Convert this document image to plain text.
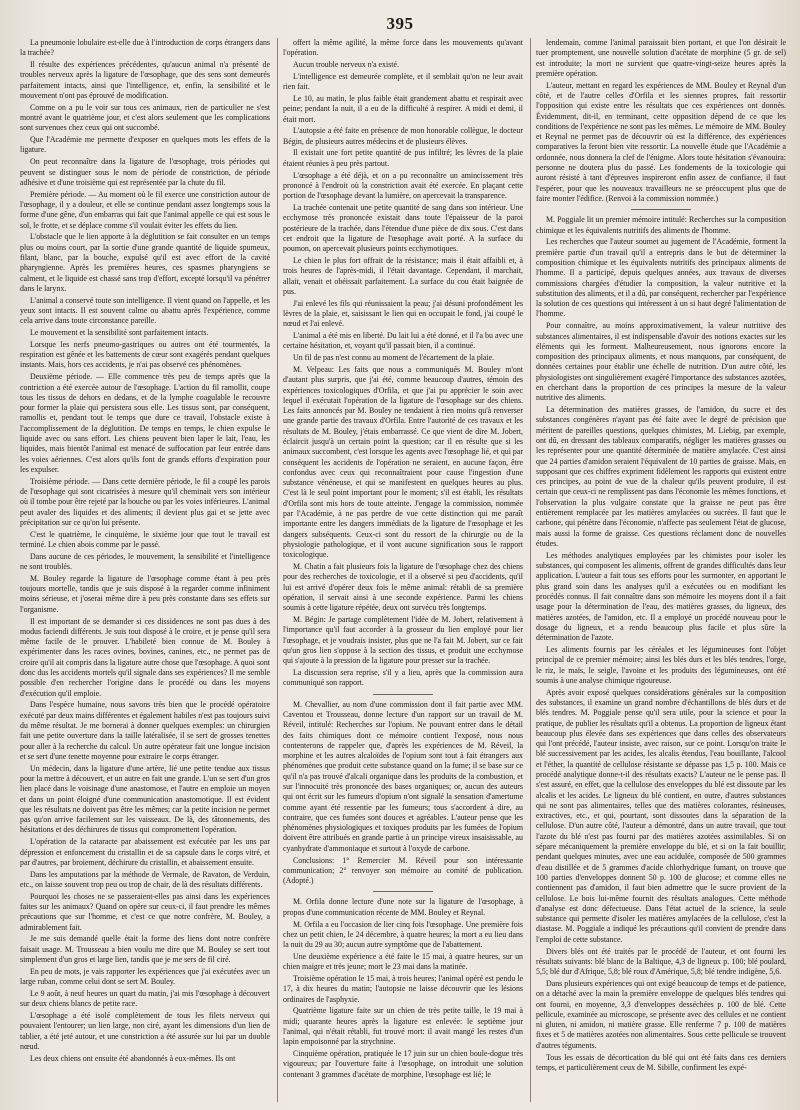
395

La pneumonie lobulaire est-elle due à l'introduction de corps étrangers dans la trachée?

Il résulte des expériences précédentes, qu'aucun animal n'a présenté de troubles nerveux après la ligature de l'œsophage, que des sens sont demeurés parfaitement intacts, ainsi que l'intelligence, et, enfin, la sensibilité et le mouvement n'ont pas éprouvé de modification.

Comme on a pu le voir sur tous ces animaux, rien de particulier ne s'est montré avant le quatrième jour, et c'est alors seulement que les complications sont survenues chez ceux qui ont succombé.

Que l'Académie me permette d'exposer en quelques mots les effets de la ligature.

On peut reconnaître dans la ligature de l'œsophage, trois périodes qui peuvent se distinguer sous le nom de période de constriction, de période adhésive et d'une troisième qui est représentée par la chute du fil.

Première période. — Au moment où le fil exerce une constriction autour de l'œsophage, il y a douleur, et elle se continue pendant assez longtemps sous la forme d'une gêne, d'un embarras qui fait que l'animal appelle ce qui est sous le sol, le frotte, et se déplace comme s'il voulait éviter les effets du lien.

L'obstacle que le lien apporte à la déglutition se fait consulter en un temps plus ou moins court, par la sortie d'une grande quantité de liquide spumeux, filant, blanc, par la bouche, expulsé qu'il est avec effort de la cavité pharyngienne. Après les premières heures, ces spasmes pharyngiens se calment, et le liquide est chassé sans trop d'effort, excepté lorsqu'il va pénétrer dans le larynx.

L'animal a conservé toute son intelligence. Il vient quand on l'appelle, et les yeux sont intacts. Il est souvent calme ou abattu après l'expérience, comme cela arrive dans toute circonstance pareille.

Le mouvement et la sensibilité sont parfaitement intacts.

Lorsque les nerfs pneumo-gastriques ou autres ont été tourmentés, la respiration est gênée et les battements de cœur sont exagérés pendant quelques instants. Mais, hors ces accidents, je n'ai pas observé ces phénomènes.

Deuxième période. — Elle commence très peu de temps après que la contriction a été exercée autour de l'œsophage. L'action du fil ramollit, coupe tous les tissus de dehors en dedans, et de la lymphe coagulable le recouvre pour former la plaie qui persistera sous elle. Les tissus sont, par conséquent, ramollis et, pendant tout le temps que dure ce travail, l'obstacle existe à l'accomplissement de la déglutition. De temps en temps, le chien expulse le liquide avec ou sans effort. Les chiens peuvent bien laper le lait, l'eau, les liquides, mais bientôt l'animal est menacé de suffocation par leur entrée dans les voies aériennes. C'est alors qu'ils font de grands efforts d'expiration pour les expulser.

Troisième période. — Dans cette dernière période, le fil a coupé les parois de l'œsophage qui sont cicatrisées à mesure qu'il cheminait vers son intérieur où il tombe pour être rejeté par la bouche ou par les voies inférieures. L'animal peut avaler des liquides et des aliments; il devient plus gai et se jette avec précipitation sur ce qu'on lui présente.

C'est le quatrième, le cinquième, le sixième jour que tout le travail est terminé. Le chien abois comme par le passé.

Dans aucune de ces périodes, le mouvement, la sensibilité et l'intelligence ne sont troublés.

M. Bouley regarde la ligature de l'œsophage comme étant à peu près toujours mortelle, tandis que je suis disposé à la regarder comme infiniment moins sérieuse, et j'oserai même dire à peu près constante dans ses effets sur l'organisme.

Il est important de se demander si ces dissidences ne sont pas dues à des modus faciendi différents. Je suis tout disposé à le croire, et je pense qu'il sera même facile de le prouver. L'habileté bien connue de M. Bouley à expérimenter dans les races ovines, bovines, canines, etc., ne permet pas de croire qu'il ait compris dans la ligature autre chose que l'œsophage. A quoi sont donc dus les accidents mortels qu'il signale dans ses expériences? Il me semble possible d'en rechercher l'origine dans le procédé ou dans les moyens d'exécution qu'il emploie.

Dans l'espèce humaine, nous savons très bien que le procédé opératoire exécuté par deux mains différentes et également habiles n'est pas toujours suivi du même résultat. Je me bornerai à donner quelques exemples: un chirurgien fait une petite ouverture dans la taille latéralisée, il se sert de grosses tenettes pour aller à la recherche du calcul. Un autre opérateur fait une longue incision et se sert d'une tenette moyenne pour extraire le corps étranger.

Un médecin, dans la ligature d'une artère, lié une petite tendue aux tissus pour la mettre à découvert, et un autre en fait une grande. L'un se sert d'un gros lien placé dans le voisinage d'une anastomose, et l'autre en emploie un moyen et dans un point éloigné d'une communication anastomotique. Il est évident que les résultats ne doivent pas être les mêmes; car la petite incision ne permet pas qu'on arrive facilement sur les vaisseaux. De là, des tâtonnements, des hésitations et des déchirures de tissus qui compromettent l'opération.

L'opération de la cataracte par abaissement est exécutée par les uns par dépression et enfoncement du cristallin et de sa capsule dans le corps vitré, et par d'autres, par broiement, déchirure du cristallin, et abaissement ensuite.

Dans les amputations par la méthode de Vermale, de Ravaton, de Verduin, etc., on laisse souvent trop peu ou trop de chair, de là des résultats différents.

Pourquoi les choses ne se passeraient-elles pas ainsi dans les expériences faites sur les animaux? Quand on opère sur ceux-ci, il faut prendre les mêmes précautions que sur l'homme, et c'est ce que notre confrère, M. Bouley, a admirablement fait.

Je me suis demandé quelle était la forme des liens dont notre confrère faisait usage. M. Trousseau a bien voulu me dire que M. Bouley se sert tout simplement d'un gros et large lien, tandis que je me sers de fil ciré.

En peu de mots, je vais rapporter les expériences que j'ai exécutées avec un large ruban, comme celui dont se sert M. Bouley.

Le 9 août, à neuf heures un quart du matin, j'ai mis l'œsophage à découvert sur deux chiens blancs de petite race.

L'œsophage a été isolé complètement de tous les filets nerveux qui pouvaient l'entourer; un lien large, non ciré, ayant les dimensions d'un lien de tablier, a été jeté autour, et une constriction a été assurée sur lui par un double nœud.

Les deux chiens ont ensuite été abandonnés à eux-mêmes. Ils ont

offert la même agilité, la même force dans les mouvements qu'avant l'opération.

Aucun trouble nerveux n'a existé.

L'intelligence est demeurée complète, et il semblait qu'on ne leur avait rien fait.

Le 10, au matin, le plus faible était grandement abattu et respirait avec peine; pendant la nuit, il a eu de la difficulté à respirer. A midi et demi, il était mort.

L'autopsie a été faite en présence de mon honorable collègue, le docteur Bégin, de plusieurs autres médecins et de plusieurs élèves.

Il existait une fort petite quantité de pus infiltré; les lèvres de la plaie étaient réunies à peu près partout.

L'œsophage a été déjà, et on a pu reconnaître un amincissement très prononcé à l'endroit où la constriction avait été exercée. En plaçant cette portion de l'œsophage devant la lumière, on apercevait la transparence.

La trachée contenait une petite quantité de sang dans son intérieur. Une ecchymose très prononcée existait dans toute l'épaisseur de la paroi postérieure de la trachée, dans l'étendue d'une pièce de dix sous. C'est dans cet endroit que la ligature de l'œsophage avait porté. A la surface du poumon, on apercevait plusieurs points ecchymotiques.

Le chien le plus fort offrait de la résistance; mais il était affaibli et, à trois heures de l'après-midi, il l'était davantage. Cependant, il marchait, allait, venait et obéissait parfaitement. La surface du cou était baignée de pus.

J'ai enlevé les fils qui réunissaient la peau; j'ai désuni profondément les lèvres de la plaie, et, saisissant le lien qui en occupait le fond, j'ai coupé le nœud et l'ai enlevé.

L'animal a été mis en liberté. Du lait lui a été donné, et il l'a bu avec une certaine hésitation, et, voyant qu'il passait bien, il a continué.

Un fil de pas n'est connu au moment de l'écartement de la plaie.

M. Velpeau: Les faits que nous a communiqués M. Bouley m'ont d'autant plus surpris, que j'ai été, comme beaucoup d'autres, témoin des expériences toxicologiques d'Orfila, et que j'ai pu apprécier le soin avec lequel il exécutait l'opération de la ligature de l'œsophage sur des chiens. Les faits annoncés par M. Bouley ne tendaient à rien moins qu'à renverser une grande partie des travaux d'Orfila. Entre l'autorité de ces travaux et les résultats de M. Bouley, j'étais embarrassé. Ce que vient de dire M. Jobert, éclaircit jusqu'à un certain point la question; car il en résulte que si les animaux succombent, c'est lorsque les agents avec l'œsophage lié, et qui par conséquent les accidents de l'opération ne seraient, en aucune façon, être confondus avec ceux qui reconnaîtraient pour cause l'ingestion d'une substance vénéneuse, et qui se manifestent en quelques heures au plus. C'est là le seul point important pour le moment; s'il est établi, les résultats d'Orfila sont mis hors de toute atteinte. J'engage la commission, nommée par l'Académie, à ne pas perdre de vue cette distinction qui me paraît importante entre les dangers immédiats de la ligature de l'œsophage et les dangers subséquents. Ceux-ci sont du ressort de la chirurgie ou de la physiologie pathologique, et il vont aucune signification sous le rapport toxicologique.

M. Chatin a fait plusieurs fois la ligature de l'œsophage chez des chiens pour des recherches de toxicologie, et il a observé si peu d'accidents, qu'il lui est arrivé d'opérer deux fois le même animal: rétabli de sa première opération, il servait ainsi à une seconde expérience. Parmi les chiens soumis à cette ligature répétée, deux ont survécu très longtemps.

M. Bégin: Je partage complètement l'idée de M. Jobert, relativement à l'importance qu'il faut accorder à la grosseur du lien employé pour lier l'œsophage, et je voudrais insister, plus que ne l'a fait M. Jobert, sur ce fait qu'un gros lien s'oppose à la section des tissus, et produit une ecchymose qui s'ajoute à la pression de la ligature pour presser sur la trachée.

La discussion sera reprise, s'il y a lieu, après que la commission aura communiqué son rapport.

M. Chevallier, au nom d'une commission dont il fait partie avec MM. Caventou et Trousseau, donne lecture d'un rapport sur un travail de M. Réveil, intitulé: Recherches sur l'opium. Ne pouvant entrer dans le détail des faits chimiques dont ce mémoire contient l'exposé, nous nous contenterons de rappeler que, d'après les expériences de M. Réveil, la morphine et les autres alcaloïdes de l'opium sont tout à fait étrangers aux phénomènes que produit cette substance quand on la fume; il se base sur ce qu'il n'a pas trouvé d'alcali organique dans les produits de la combustion, et sur l'innocuité très prononcée des bases organiques; or, aucun des auteurs qui ont écrit sur les fumeurs d'opium n'ont signalé la sensation d'amertume comme ayant été ressentie par les fumeurs; tous s'accordent à dire, au contraire, que ces fumées sont douces et agréables. L'auteur pense que les phénomènes physiologiques et toxiques produits par les fumées de l'opium doivent être attribués en grande partie à un principe vireux insaisissable, au cyanhydrate d'ammoniaque et surtout à l'oxyde de carbone.

Conclusions: 1° Remercier M. Réveil pour son intéressante communication; 2° renvoyer son mémoire au comité de publication. (Adopté.)

M. Orfila donne lecture d'une note sur la ligature de l'œsophage, à propos d'une communication récente de MM. Bouley et Reynal.

M. Orfila a eu l'occasion de lier cinq fois l'œsophage. Une première fois chez un petit chien, le 24 décembre, à quatre heures; la mort a eu lieu dans la nuit du 29 au 30; aucun autre symptôme que de l'abattement.

Une deuxième expérience a été faite le 15 mai, à quatre heures, sur un chien maigre et très jeune; mort le 23 mai dans la matinée.

Troisième opération le 15 mai, à trois heures; l'animal opéré est pendu le 17, à dix heures du matin; l'autopsie ne laisse découvrir que les lésions ordinaires de l'asphyxie.

Quatrième ligature faite sur un chien de très petite taille, le 19 mai à midi; quarante heures après la ligature est enlevée: le septième jour l'animal, qui n'était rétabli, fut trouvé mort: il avait mangé les restes d'un lapin empoisonné par la strychnine.

Cinquième opération, pratiquée le 17 juin sur un chien boule-dogue très vigoureux; par l'ouverture faite à l'œsophage, on introduit une solution contenant 3 grammes d'acétate de morphine, l'œsophage est lié; le

lendemain, comme l'animal paraissait bien portant, et que l'on désirait le tuer promptement, une nouvelle solution d'acétate de morphine (5 gr. de sel) est introduite; la mort ne survient que quatre-vingt-seize heures après la première opération.

L'auteur, mettant en regard les expériences de MM. Bouley et Reynal d'un côté, et de l'autre celles d'Orfila et les siennes propres, fait ressortir l'opposition qui existe entre les résultats que ces expériences ont donnés. Évidemment, dit-il, en terminant, cette opposition dépend de ce que les conditions de l'expérience ne sont pas les mêmes. Le mémoire de MM. Bouley et Reynal ne permet pas de découvrir où est la différence, des expériences comparatives la feront bien vite ressortir. La nouvelle étude que l'Académie a ordonnée, nous donnera la clef de l'énigme. Alors toute hésitation s'évanouira: personne ne doutera plus du passé. Les fondements de la toxicologie qui auront résisté à tant d'épreuves inspireront enfin assez de confiance, il faut l'espérer, pour que les nouveaux travailleurs ne se préoccupent plus que de faire monter l'édifice. (Renvoi à la commission nommée.)

M. Poggiale lit un premier mémoire intitulé: Recherches sur la composition chimique et les équivalents nutritifs des aliments de l'homme.

Les recherches que l'auteur soumet au jugement de l'Académie, forment la première partie d'un travail qu'il a entrepris dans le but de déterminer la composition chimique et les équivalents nutritifs des principaux aliments de l'homme. Il a participé, depuis quelques années, aux travaux de diverses commissions chargées d'étudier la composition, la valeur nutritive et la substitution des aliments, et il a dû, par conséquent, rechercher par l'expérience la solution de ces questions qui intéressent à un si haut degré l'alimentation de l'homme.

Pour connaître, au moins approximativement, la valeur nutritive des substances alimentaires, il est indispensable d'avoir des notions exactes sur les éléments qui les forment. Malheureusement, nous ignorons encore la composition des principaux aliments, et nous manquons, par conséquent, de données certaines pour établir une échelle de nutrition. D'un autre côté, les physiologistes ont singulièrement exagéré l'importance des substances azotées, en cherchant dans la proportion de ces principes la mesure de la valeur nutritive des aliments.

La détermination des matières grasses, de l'amidon, du sucre et des substances congénères n'ayant pas été faite avec le degré de précision que méritent de pareilles questions, quelques chimistes, M. Liebig, par exemple, ont dû, en dressant des tableaux comparatifs, négliger les matières grasses ou les représenter pour une quantité déterminée de matière amylacée. C'est ainsi que 24 parties d'amidon seraient l'équivalent de 10 parties de graisse. Mais, en supposant que ces chiffres expriment fidèlement les rapports qui existent entre ces principes, au point de vue de la chaleur qu'ils peuvent produire, il est certain que ceux-ci ne remplissent pas dans l'économie les mêmes fonctions, et l'observation la plus vulgaire constate que la graisse ne peut pas être entièrement remplacée par les matières amylacées ou sucrées. Il faut que le carbone, qui pénètre dans l'économie, n'affecte pas seulement l'état de glucose, mais aussi la forme de graisse. Ces questions réclament donc de nouvelles études.

Les méthodes analytiques employées par les chimistes pour isoler les substances, qui composent les aliments, offrent de grandes difficultés dans leur application. L'auteur a fait tous ses efforts pour les surmonter, en apportant le plus grand soin dans les analyses qu'il a exécutées ou en modifiant les procédés connus. Il fait connaître dans son mémoire les moyens dont il a fait usage pour la détermination de l'eau, des matières grasses, du ligneux, des matières azotées, de l'amidon, etc. Il a employé un procédé nouveau pour le dosage du ligneux, et a rendu beaucoup plus facile et plus sûre la détermination de l'azote.

Les aliments fournis par les céréales et les légumineuses font l'objet principal de ce premier mémoire; ainsi les blés durs et les blés tendres, l'orge, le riz, le maïs, le seigle, l'avoine et les produits des légumineuses, ont été soumis à une analyse chimique rigoureuse.

Après avoir exposé quelques considérations générales sur la composition des substances, il examine un grand nombre d'échantillons de blés durs et de blés tendres. M. Poggiale pense qu'il sera utile, pour la science et pour la pratique, de publier les résultats qu'il a obtenus. La proportion de ligneux étant beaucoup plus élevée dans ses expériences que dans celles des observateurs qui l'ont précédé, l'auteur insiste, avec raison, sur ce point. Lorsqu'on traite le blé successivement par les acides, les alcalis étendus, l'eau bouillante, l'alcool et l'éther, la quantité de cellulose résistante se dépasse pas 1,5 p. 100. Mais ce procédé analytique donne-t-il des résultats exacts? L'auteur ne le pense pas. Il s'est assuré, en effet, que la cellulose des enveloppes du blé est dissoute par les alcalis et les acides. Le ligneux du blé contient, en outre, d'autres substances qui ne sont pas alimentaires, telles que des matières colorantes, résineuses, extractives, etc., et qui, pourtant, sont dissoutes dans la séparation de la cellulose. D'un autre côté, l'auteur a démontré, dans un autre travail, que tout l'azote du blé n'est pas fourni par des matières azotées assimilables. Si on sépare mécaniquement la première enveloppe du blé, et si on la fait bouillir, pendant quelques minutes, avec une eau acidulée, composée de 500 grammes d'eau distillée et de 5 grammes d'acide chlorhydrique fumant, on trouve que 100 parties d'enveloppes donnent 50 p. 100 de glucose; et comme elles ne contiennent pas d'amidon, il faut bien admettre que le sucre provient de la cellulose. Le bois lui-même fournit des résultats analogues. Cette méthode d'analyse est donc défectueuse. Dans l'état actuel de la science, la seule substance qui permette d'isoler les matières amylacées de la cellulose, c'est la diastase. M. Poggiale a indiqué les précautions qu'il convient de prendre dans l'emploi de cette substance.

Divers blés ont été traités par le procédé de l'auteur, et ont fourni les résultats suivants: blé blanc de la Baltique, 4,3 de ligneux p. 100; blé poulard, 5,5; blé dur d'Afrique, 5,8; blé roux d'Amérique, 5,8; blé tendre indigène, 5,6.

Dans plusieurs expériences qui ont exigé beaucoup de temps et de patience, on a détaché avec la main la première enveloppe de quelques blés tendres qui ont fourni, en moyenne, 3,3 d'enveloppes desséchées p. 100 de blé. Cette pellicule, examinée au microscope, se présente avec des cellules et ne contient ni gluten, ni amidon, ni matière grasse. Elle renferme 7 p. 100 de matières fixes et 5 de matières azotées non alimentaires. Sous cette pellicule se trouvent d'autres téguments.

Tous les essais de décortication du blé qui ont été faits dans ces derniers temps, et particulièrement ceux de M. Sibille, confirment les expé-
